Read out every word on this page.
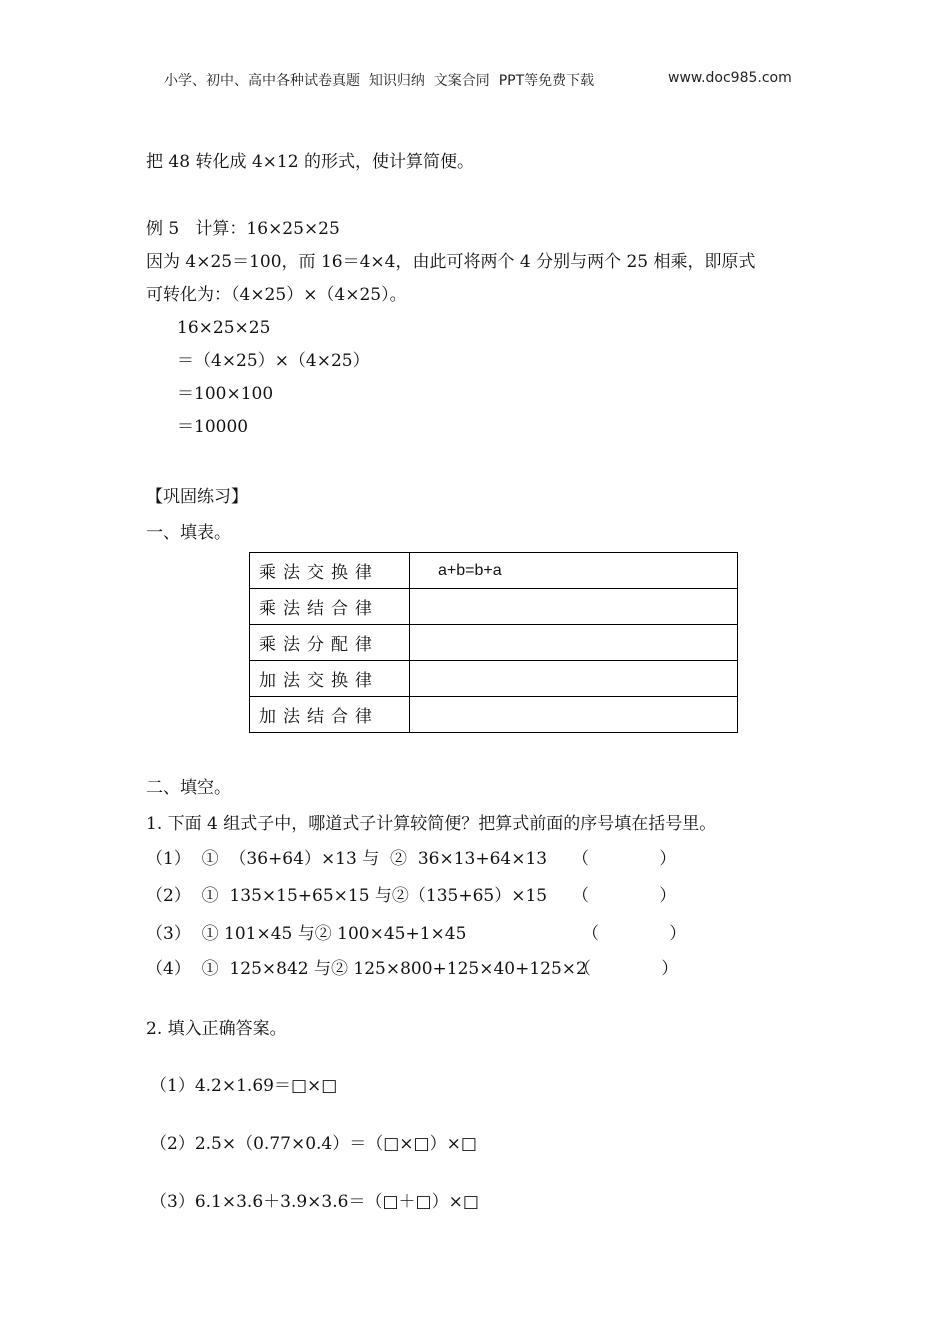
小学、初中、高中各种试卷真题  知识归纳  文案合同  PPT等免费下载	www.doc985.com
把 48 转化成 4×12 的形式，使计算简便。
例 5   计算：16×25×25
因为 4×25＝100，而 16＝4×4，由此可将两个 4 分别与两个 25 相乘，即原式
可转化为：（4×25）×（4×25）。
16×25×25
＝（4×25）×（4×25）
＝100×100
＝10000
【巩固练习】
一、填表。
乘法交换律	a+b=b+a
乘法结合律	
乘法分配律	
加法交换律	
加法结合律	
二、填空。
1. 下面 4 组式子中，哪道式子计算较简便？把算式前面的序号填在括号里。
（1）  ①  （36+64）×13 与  ②  36×13+64×13 （             ）
（2）  ①  135×15+65×15 与②（135+65）×15 （             ）
（3）  ① 101×45 与② 100×45+1×45	（             ）
（4）  ①  125×842 与② 125×800+125×40+125×2
（             ）
2. 填入正确答案。
（1）4.2×1.69＝□×□
（2）2.5×（0.77×0.4）＝（□×□）×□
（3）6.1×3.6＋3.9×3.6＝（□＋□）×□
